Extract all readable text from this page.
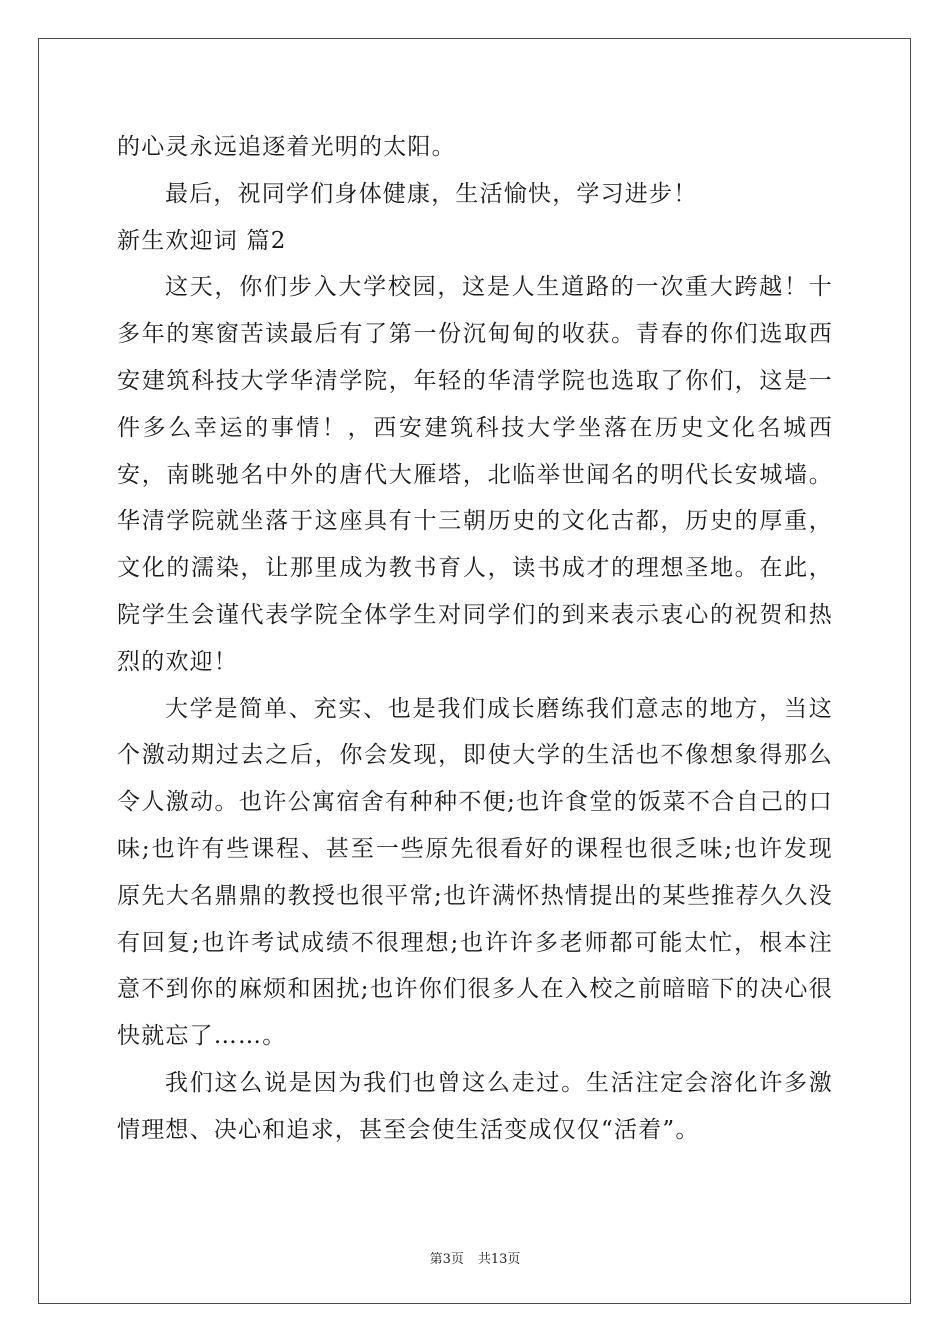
的心灵永远追逐着光明的太阳。

最后，祝同学们身体健康，生活愉快，学习进步！

新生欢迎词 篇2

这天，你们步入大学校园，这是人生道路的一次重大跨越！十多年的寒窗苦读最后有了第一份沉甸甸的收获。青春的你们选取西安建筑科技大学华清学院，年轻的华清学院也选取了你们，这是一件多么幸运的事情！，西安建筑科技大学坐落在历史文化名城西安，南眺驰名中外的唐代大雁塔，北临举世闻名的明代长安城墙。华清学院就坐落于这座具有十三朝历史的文化古都，历史的厚重，文化的濡染，让那里成为教书育人，读书成才的理想圣地。在此，院学生会谨代表学院全体学生对同学们的到来表示衷心的祝贺和热烈的欢迎！

大学是简单、充实、也是我们成长磨练我们意志的地方，当这个激动期过去之后，你会发现，即使大学的生活也不像想象得那么令人激动。也许公寓宿舍有种种不便;也许食堂的饭菜不合自己的口味;也许有些课程、甚至一些原先很看好的课程也很乏味;也许发现原先大名鼎鼎的教授也很平常;也许满怀热情提出的某些推荐久久没有回复;也许考试成绩不很理想;也许许多老师都可能太忙，根本注意不到你的麻烦和困扰;也许你们很多人在入校之前暗暗下的决心很快就忘了……。

我们这么说是因为我们也曾这么走过。生活注定会溶化许多激情理想、决心和追求，甚至会使生活变成仅仅“活着”。

第3页 共13页
